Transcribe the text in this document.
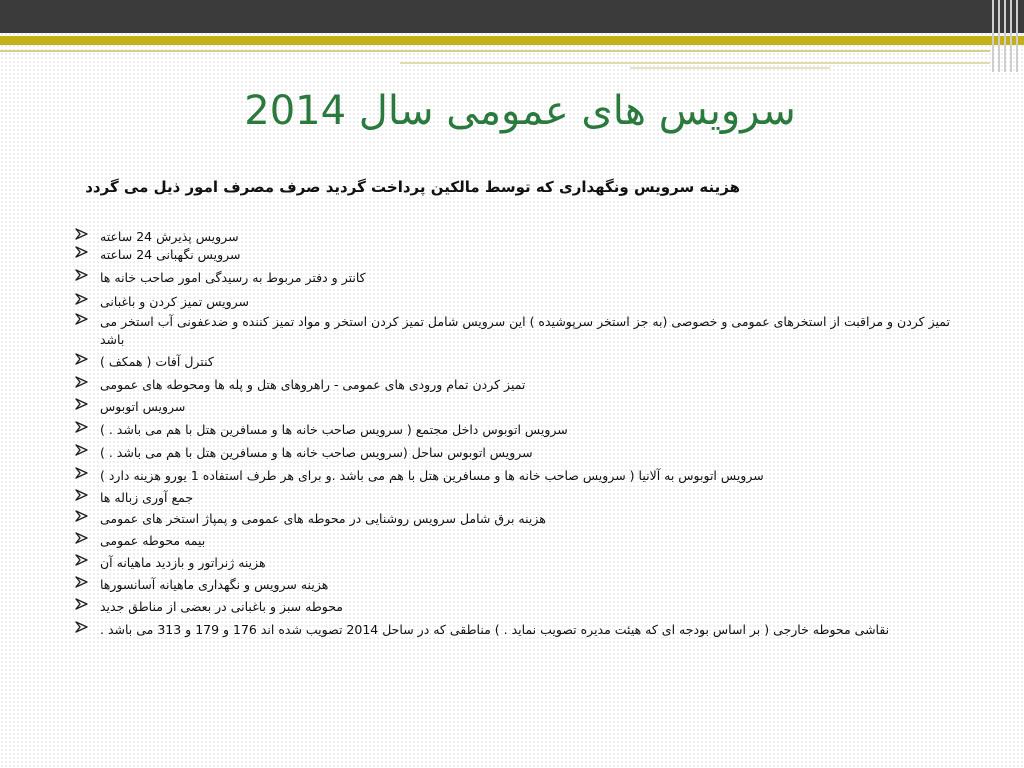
سرویس های عمومی سال 2014

هزینه سرویس ونگهداری که توسط مالکین پرداخت گردید صرف مصرف امور ذیل می گردد

سرویس پذیرش 24 ساعته
سرویس نگهبانی 24 ساعته
کانتر و دفتر مربوط به رسیدگی امور صاحب خانه ها
سرویس تمیز کردن و باغبانی
تمیز کردن و مراقبت از استخرهای عمومی و خصوصی (به جز استخر سرپوشیده ) این سرویس شامل تمیز کردن استخر و مواد تمیز کننده و ضدعفونی آب استخر می باشد
کنترل آفات ( همکف )
تمیز کردن تمام ورودی های عمومی - راهروهای هتل و پله ها ومحوطه های عمومی
سرویس اتوبوس
سرویس اتوبوس داخل مجتمع ( سرویس صاحب خانه ها و مسافرین هتل با هم می باشد . )
سرویس اتوبوس ساحل (سرویس صاحب خانه ها و مسافرین هتل با هم می باشد . )
سرویس اتوبوس به آلانیا ( سرویس صاحب خانه ها و مسافرین هتل با هم می باشد .و برای هر طرف استفاده 1 یورو هزینه دارد )
جمع آوری زباله ها
هزینه برق شامل سرویس روشنایی در محوطه های عمومی و پمپاژ استخر های عمومی
بیمه محوطه عمومی
هزینه ژنراتور و بازدید ماهیانه آن
هزینه سرویس و نگهداری ماهیانه آسانسورها
محوطه سبز و باغبانی در بعضی از مناطق جدید
نقاشی محوطه خارجی ( بر اساس بودجه ای که هیئت مدیره تصویب نماید . ) مناطقی که در ساحل 2014 تصویب شده اند 176 و 179 و 313 می باشد .
